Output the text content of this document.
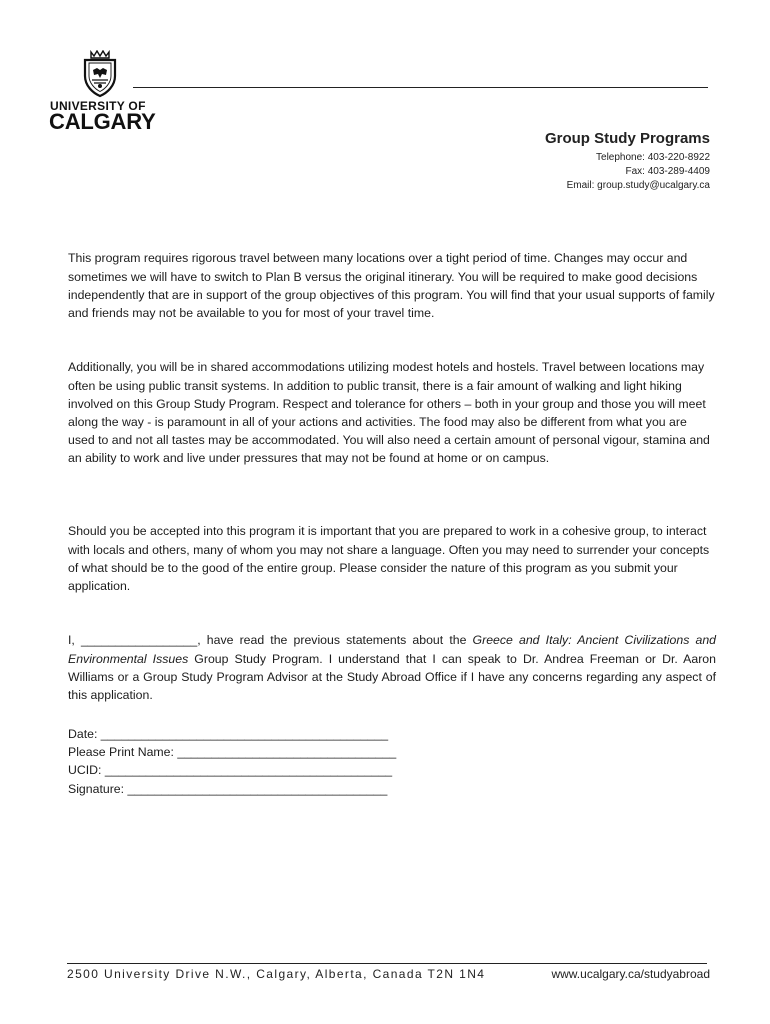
UNIVERSITY OF
CALGARY
Group Study Programs
Telephone: 403-220-8922
Fax: 403-289-4409
Email: group.study@ucalgary.ca

This program requires rigorous travel between many locations over a tight period of time. Changes may occur and sometimes we will have to switch to Plan B versus the original itinerary. You will be required to make good decisions independently that are in support of the group objectives of this program. You will find that your usual supports of family and friends may not be available to you for most of your travel time.

Additionally, you will be in shared accommodations utilizing modest hotels and hostels. Travel between locations may often be using public transit systems. In addition to public transit, there is a fair amount of walking and light hiking involved on this Group Study Program. Respect and tolerance for others – both in your group and those you will meet along the way - is paramount in all of your actions and activities. The food may also be different from what you are used to and not all tastes may be accommodated. You will also need a certain amount of personal vigour, stamina and an ability to work and live under pressures that may not be found at home or on campus.

Should you be accepted into this program it is important that you are prepared to work in a cohesive group, to interact with locals and others, many of whom you may not share a language. Often you may need to surrender your concepts of what should be to the good of the entire group. Please consider the nature of this program as you submit your application.

I, _________________, have read the previous statements about the Greece and Italy: Ancient Civilizations and Environmental Issues Group Study Program. I understand that I can speak to Dr. Andrea Freeman or Dr. Aaron Williams or a Group Study Program Advisor at the Study Abroad Office if I have any concerns regarding any aspect of this application.

Date: __________________________________________
Please Print Name: ________________________________
UCID: __________________________________________
Signature: ______________________________________
2500 University Drive N.W., Calgary, Alberta, Canada T2N 1N4	www.ucalgary.ca/studyabroad
